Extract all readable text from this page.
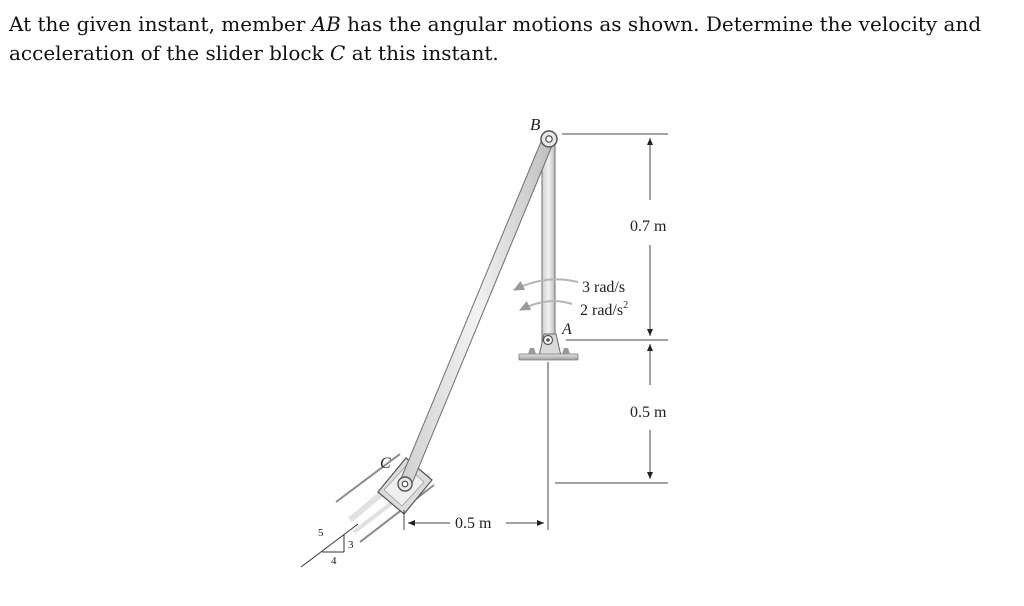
At the given instant, member AB has the angular motions as shown. Determine the velocity and acceleration of the slider block C at this instant.

B
A
C
0.7 m
0.5 m
0.5 m
3 rad/s
2 rad/$s^2$
5
3
4
